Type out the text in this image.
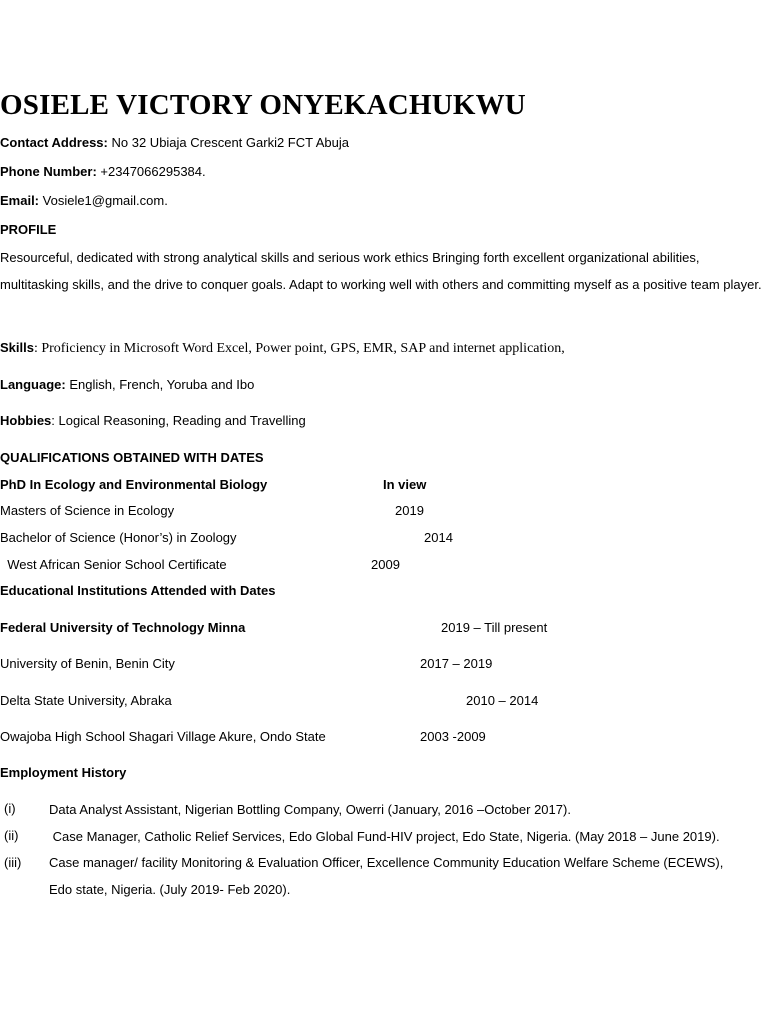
OSIELE VICTORY ONYEKACHUKWU
Contact Address: No 32 Ubiaja Crescent Garki2 FCT Abuja
Phone Number: +2347066295384.
Email: Vosiele1@gmail.com.
PROFILE
Resourceful, dedicated with strong analytical skills and serious work ethics Bringing forth excellent organizational abilities, multitasking skills, and the drive to conquer goals. Adapt to working well with others and committing myself as a positive team player.
Skills: Proficiency in Microsoft Word Excel, Power point, GPS, EMR, SAP and internet application,
Language: English, French, Yoruba and Ibo
Hobbies: Logical Reasoning, Reading and Travelling
QUALIFICATIONS OBTAINED WITH DATES
PhD In Ecology and Environmental Biology	In view
Masters of Science in Ecology	2019
Bachelor of Science (Honor’s) in Zoology	2014
West African Senior School Certificate	2009
Educational Institutions Attended with Dates
Federal University of Technology Minna	2019 – Till present
University of Benin, Benin City	2017 – 2019
Delta State University, Abraka	2010 – 2014
Owajoba High School Shagari Village Akure, Ondo State	2003 -2009
Employment History
(i)	Data Analyst Assistant, Nigerian Bottling Company, Owerri (January, 2016 –October 2017).
(ii) Case Manager, Catholic Relief Services, Edo Global Fund-HIV project, Edo State, Nigeria. (May 2018 – June 2019).
(iii) Case manager/ facility Monitoring & Evaluation Officer, Excellence Community Education Welfare Scheme (ECEWS), Edo state, Nigeria. (July 2019- Feb 2020).
